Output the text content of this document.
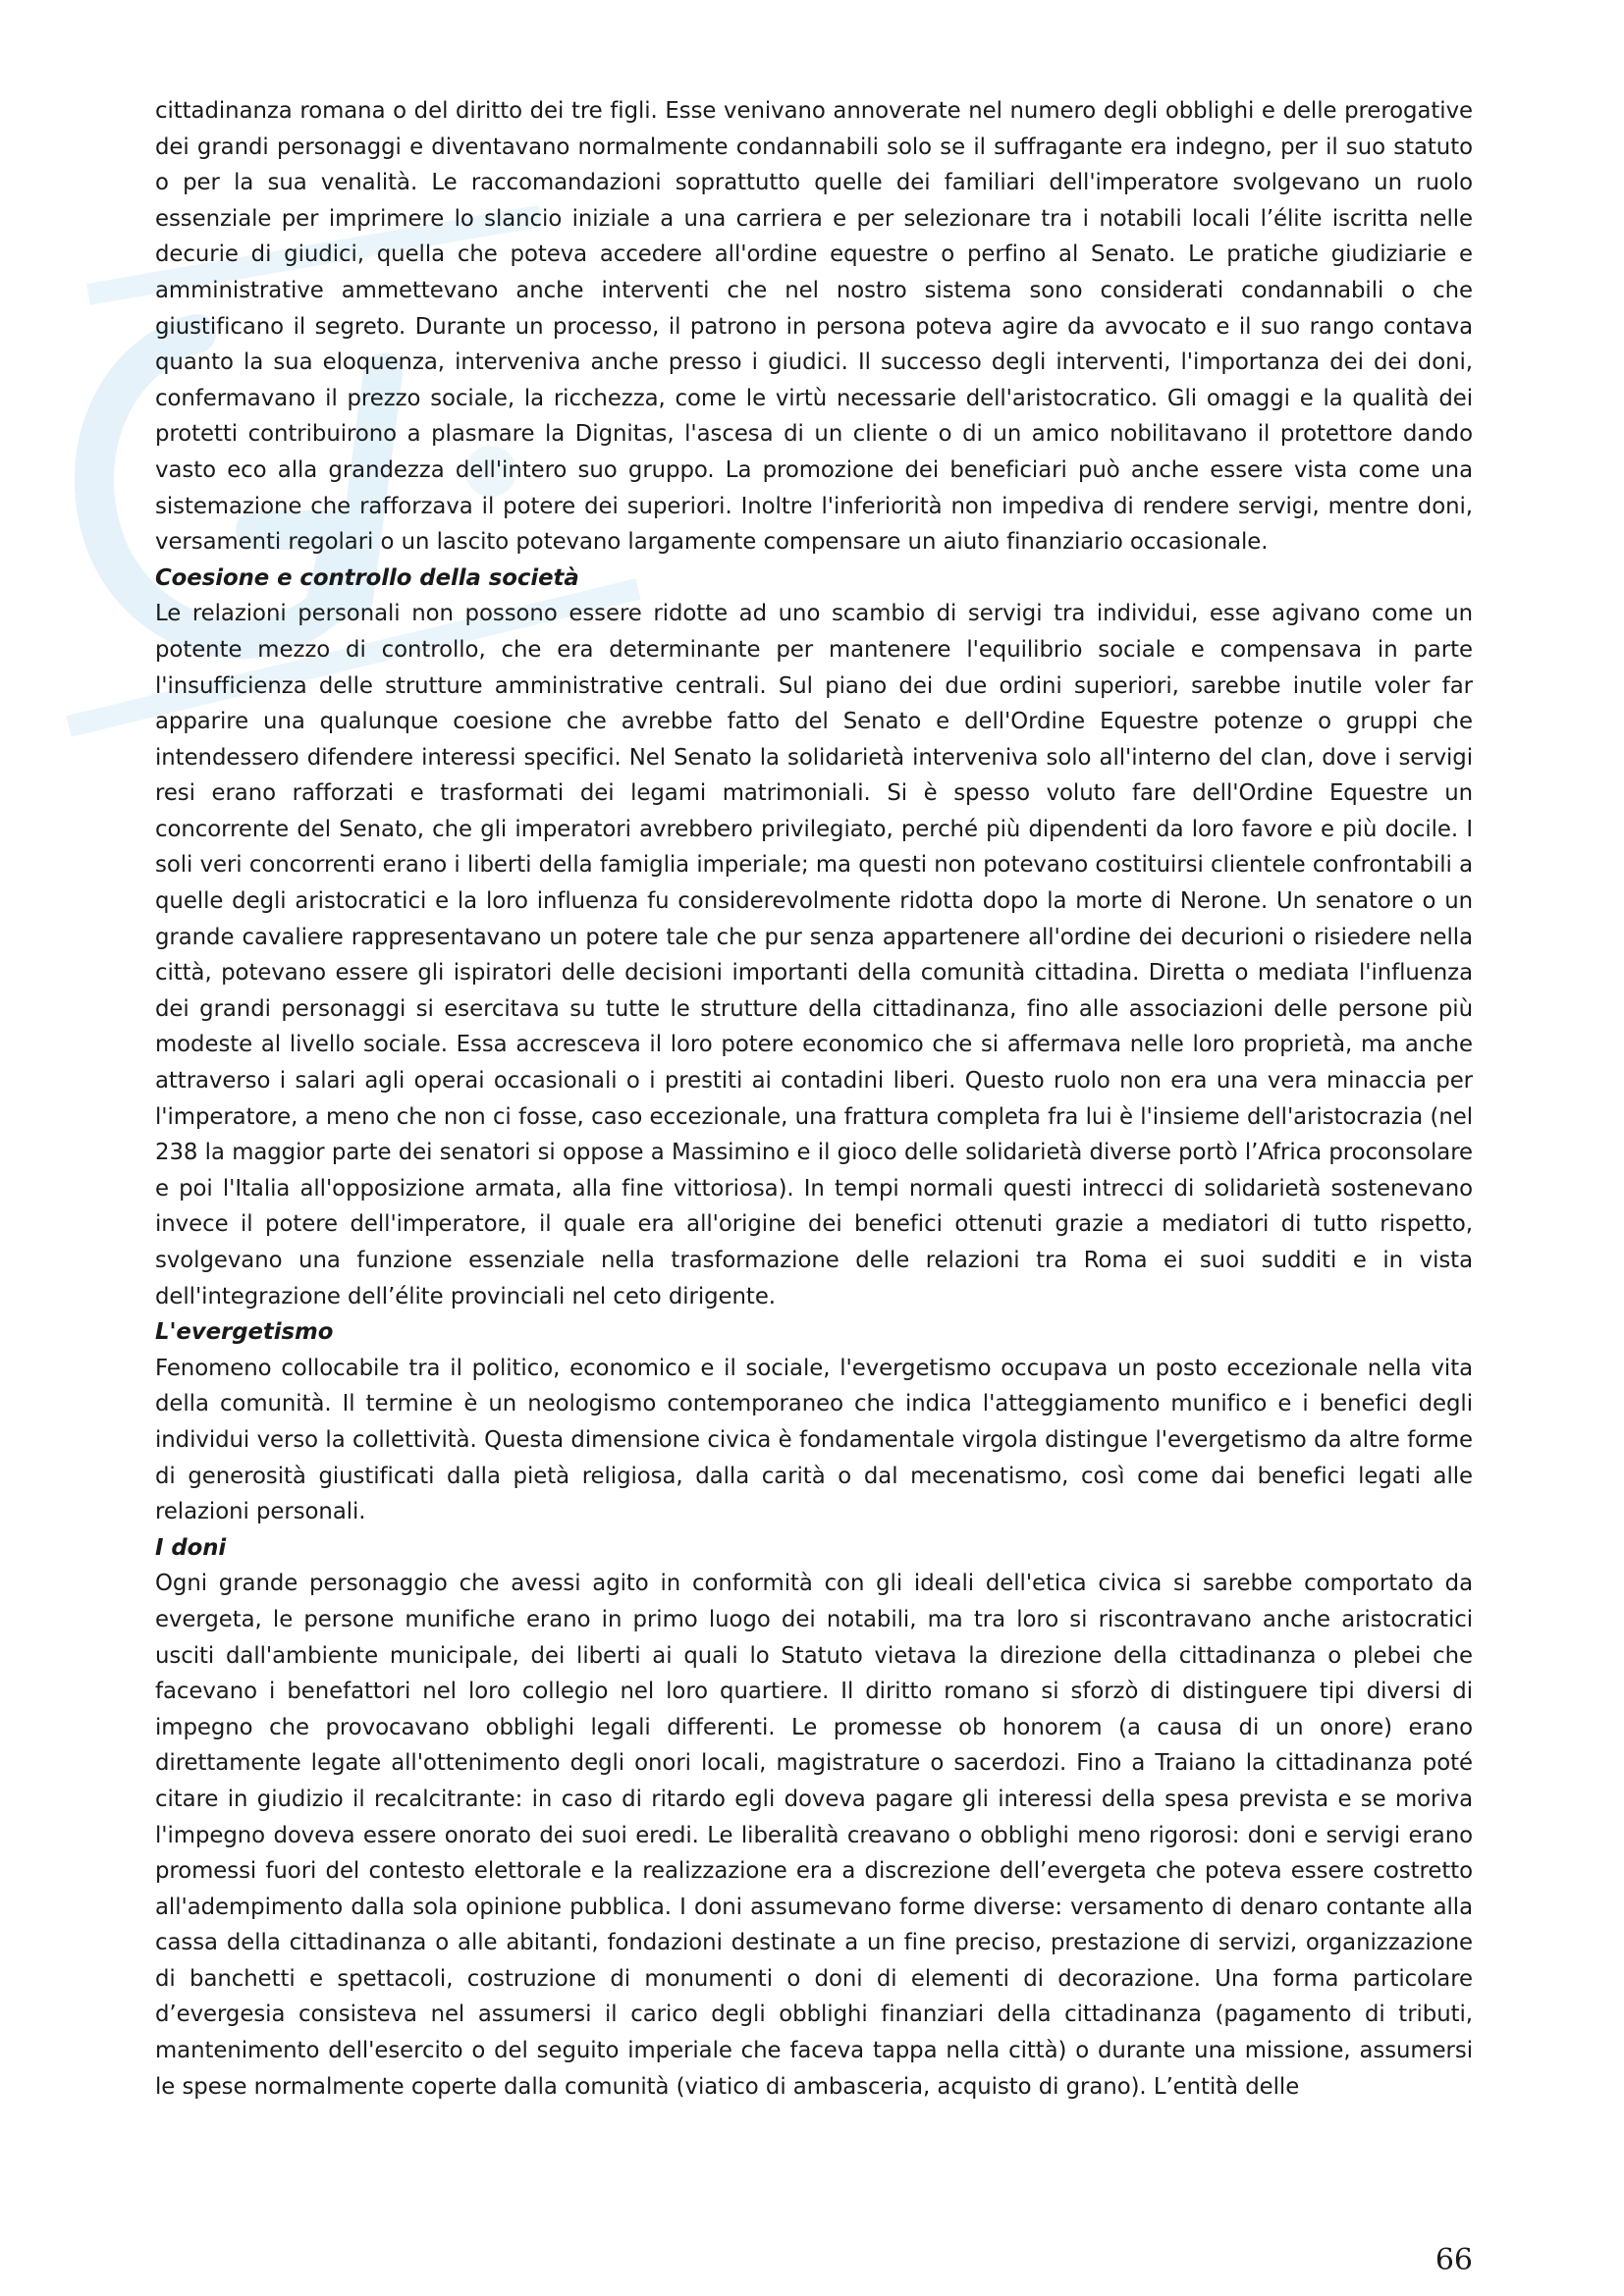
cittadinanza romana o del diritto dei tre figli. Esse venivano annoverate nel numero degli obblighi e delle prerogative dei grandi personaggi e diventavano normalmente condannabili solo se il suffragante era indegno, per il suo statuto o per la sua venalità. Le raccomandazioni soprattutto quelle dei familiari dell'imperatore svolgevano un ruolo essenziale per imprimere lo slancio iniziale a una carriera e per selezionare tra i notabili locali l’élite iscritta nelle decurie di giudici, quella che poteva accedere all'ordine equestre o perfino al Senato. Le pratiche giudiziarie e amministrative ammettevano anche interventi che nel nostro sistema sono considerati condannabili o che giustificano il segreto. Durante un processo, il patrono in persona poteva agire da avvocato e il suo rango contava quanto la sua eloquenza, interveniva anche presso i giudici. Il successo degli interventi, l'importanza dei dei doni, confermavano il prezzo sociale, la ricchezza, come le virtù necessarie dell'aristocratico. Gli omaggi e la qualità dei protetti contribuirono a plasmare la Dignitas, l'ascesa di un cliente o di un amico nobilitavano il protettore dando vasto eco alla grandezza dell'intero suo gruppo. La promozione dei beneficiari può anche essere vista come una sistemazione che rafforzava il potere dei superiori. Inoltre l'inferiorità non impediva di rendere servigi, mentre doni, versamenti regolari o un lascito potevano largamente compensare un aiuto finanziario occasionale.

Coesione e controllo della società

Le relazioni personali non possono essere ridotte ad uno scambio di servigi tra individui, esse agivano come un potente mezzo di controllo, che era determinante per mantenere l'equilibrio sociale e compensava in parte l'insufficienza delle strutture amministrative centrali. Sul piano dei due ordini superiori, sarebbe inutile voler far apparire una qualunque coesione che avrebbe fatto del Senato e dell'Ordine Equestre potenze o gruppi che intendessero difendere interessi specifici. Nel Senato la solidarietà interveniva solo all'interno del clan, dove i servigi resi erano rafforzati e trasformati dei legami matrimoniali. Si è spesso voluto fare dell'Ordine Equestre un concorrente del Senato, che gli imperatori avrebbero privilegiato, perché più dipendenti da loro favore e più docile. I soli veri concorrenti erano i liberti della famiglia imperiale; ma questi non potevano costituirsi clientele confrontabili a quelle degli aristocratici e la loro influenza fu considerevolmente ridotta dopo la morte di Nerone. Un senatore o un grande cavaliere rappresentavano un potere tale che pur senza appartenere all'ordine dei decurioni o risiedere nella città, potevano essere gli ispiratori delle decisioni importanti della comunità cittadina. Diretta o mediata l'influenza dei grandi personaggi si esercitava su tutte le strutture della cittadinanza, fino alle associazioni delle persone più modeste al livello sociale. Essa accresceva il loro potere economico che si affermava nelle loro proprietà, ma anche attraverso i salari agli operai occasionali o i prestiti ai contadini liberi. Questo ruolo non era una vera minaccia per l'imperatore, a meno che non ci fosse, caso eccezionale, una frattura completa fra lui è l'insieme dell'aristocrazia (nel 238 la maggior parte dei senatori si oppose a Massimino e il gioco delle solidarietà diverse portò l’Africa proconsolare e poi l'Italia all'opposizione armata, alla fine vittoriosa). In tempi normali questi intrecci di solidarietà sostenevano invece il potere dell'imperatore, il quale era all'origine dei benefici ottenuti grazie a mediatori di tutto rispetto, svolgevano una funzione essenziale nella trasformazione delle relazioni tra Roma ei suoi sudditi e in vista dell'integrazione dell’élite provinciali nel ceto dirigente.

L'evergetismo

Fenomeno collocabile tra il politico, economico e il sociale, l'evergetismo occupava un posto eccezionale nella vita della comunità. Il termine è un neologismo contemporaneo che indica l'atteggiamento munifico e i benefici degli individui verso la collettività. Questa dimensione civica è fondamentale virgola distingue l'evergetismo da altre forme di generosità giustificati dalla pietà religiosa, dalla carità o dal mecenatismo, così come dai benefici legati alle relazioni personali.

I doni

Ogni grande personaggio che avessi agito in conformità con gli ideali dell'etica civica si sarebbe comportato da evergeta, le persone munifiche erano in primo luogo dei notabili, ma tra loro si riscontravano anche aristocratici usciti dall'ambiente municipale, dei liberti ai quali lo Statuto vietava la direzione della cittadinanza o plebei che facevano i benefattori nel loro collegio nel loro quartiere. Il diritto romano si sforzò di distinguere tipi diversi di impegno che provocavano obblighi legali differenti. Le promesse ob honorem (a causa di un onore) erano direttamente legate all'ottenimento degli onori locali, magistrature o sacerdozi. Fino a Traiano la cittadinanza poté citare in giudizio il recalcitrante: in caso di ritardo egli doveva pagare gli interessi della spesa prevista e se moriva l'impegno doveva essere onorato dei suoi eredi. Le liberalità creavano o obblighi meno rigorosi: doni e servigi erano promessi fuori del contesto elettorale e la realizzazione era a discrezione dell’evergeta che poteva essere costretto all'adempimento dalla sola opinione pubblica. I doni assumevano forme diverse: versamento di denaro contante alla cassa della cittadinanza o alle abitanti, fondazioni destinate a un fine preciso, prestazione di servizi, organizzazione di banchetti e spettacoli, costruzione di monumenti o doni di elementi di decorazione. Una forma particolare d’evergesia consisteva nel assumersi il carico degli obblighi finanziari della cittadinanza (pagamento di tributi, mantenimento dell'esercito o del seguito imperiale che faceva tappa nella città) o durante una missione, assumersi le spese normalmente coperte dalla comunità (viatico di ambasceria, acquisto di grano). L’entità delle

66
